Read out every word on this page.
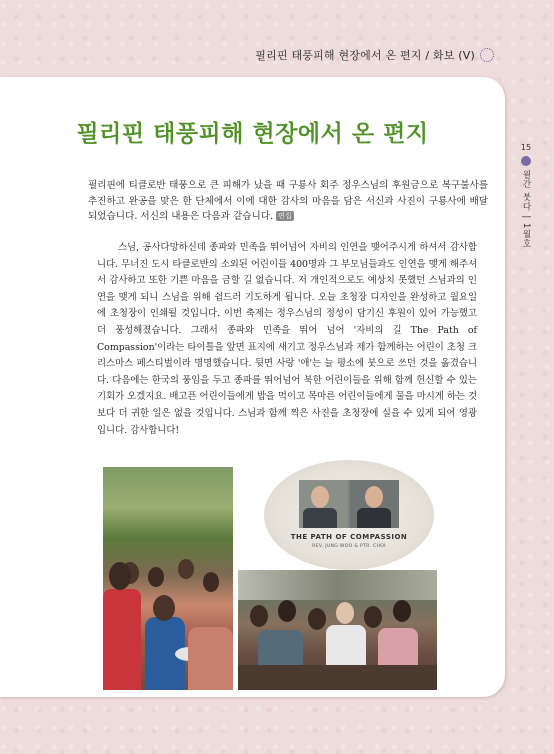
필리핀 태풍피해 현장에서 온 편지 / 화보 (Ⅴ)
필리핀 태풍피해 현장에서 온 편지
필리핀에 티클로반 태풍으로 큰 피해가 났을 때 구룡사 회주 정우스님의 후원금으로 복구불사를 추진하고 완공을 맞은 한 단체에서 이에 대한 감사의 마음을 담은 서신과 사진이 구룡사에 배달되었습니다. 서신의 내용은 다음과 같습니다. 편집

스님, 공사다망하신데 종파와 민족을 뛰어넘어 자비의 인연을 맺어주시게 하셔서 감사합니다. 무너진 도시 타클로반의 소외된 어린이들 400명과 그 부모님들과도 인연을 맺게 해주셔서 감사하고 또한 기쁜 마음을 금할 길 없습니다. 저 개인적으로도 예상치 못했던 스님과의 인연을 맺게 되니 스님을 위해 쉼드러 기도하게 됩니다. 오늘 초청장 디자인을 완성하고 월요일에 초청장이 인쇄될 것입니다. 이번 축제는 정우스님의 정성이 담기신 후원이 있어 가능했고 더 풍성해졌습니다. 그래서 종파와 민족을 뛰어 넘어 '자비의 길 The Path of Compassion'이라는 타이틀을 앞면 표지에 새기고 정우스님과 제가 함께하는 어린이 초청 크리스마스 페스티벌이라 명명했습니다. 뒷면 사랑 '애'는 늘 평소에 붓으로 쓰던 것을 옮겼습니다. 다음에는 한국의 풍임을 두고 종파를 뛰어넘어 북한 어린이들을 위해 함께 헌신할 수 있는 기회가 오겠지요. 배고픈 어린이들에게 밥을 먹이고 목마른 어린이들에게 물을 마시게 하는 것보다 더 귀한 일은 없을 것입니다. 스님과 함께 찍은 사진을 초청장에 실을 수 있게 되어 영광입니다. 감사합니다!

15
월간 붓다 | 1월호
THE PATH OF COMPASSION
REV. JUNG WOO & PTR. CHOI
